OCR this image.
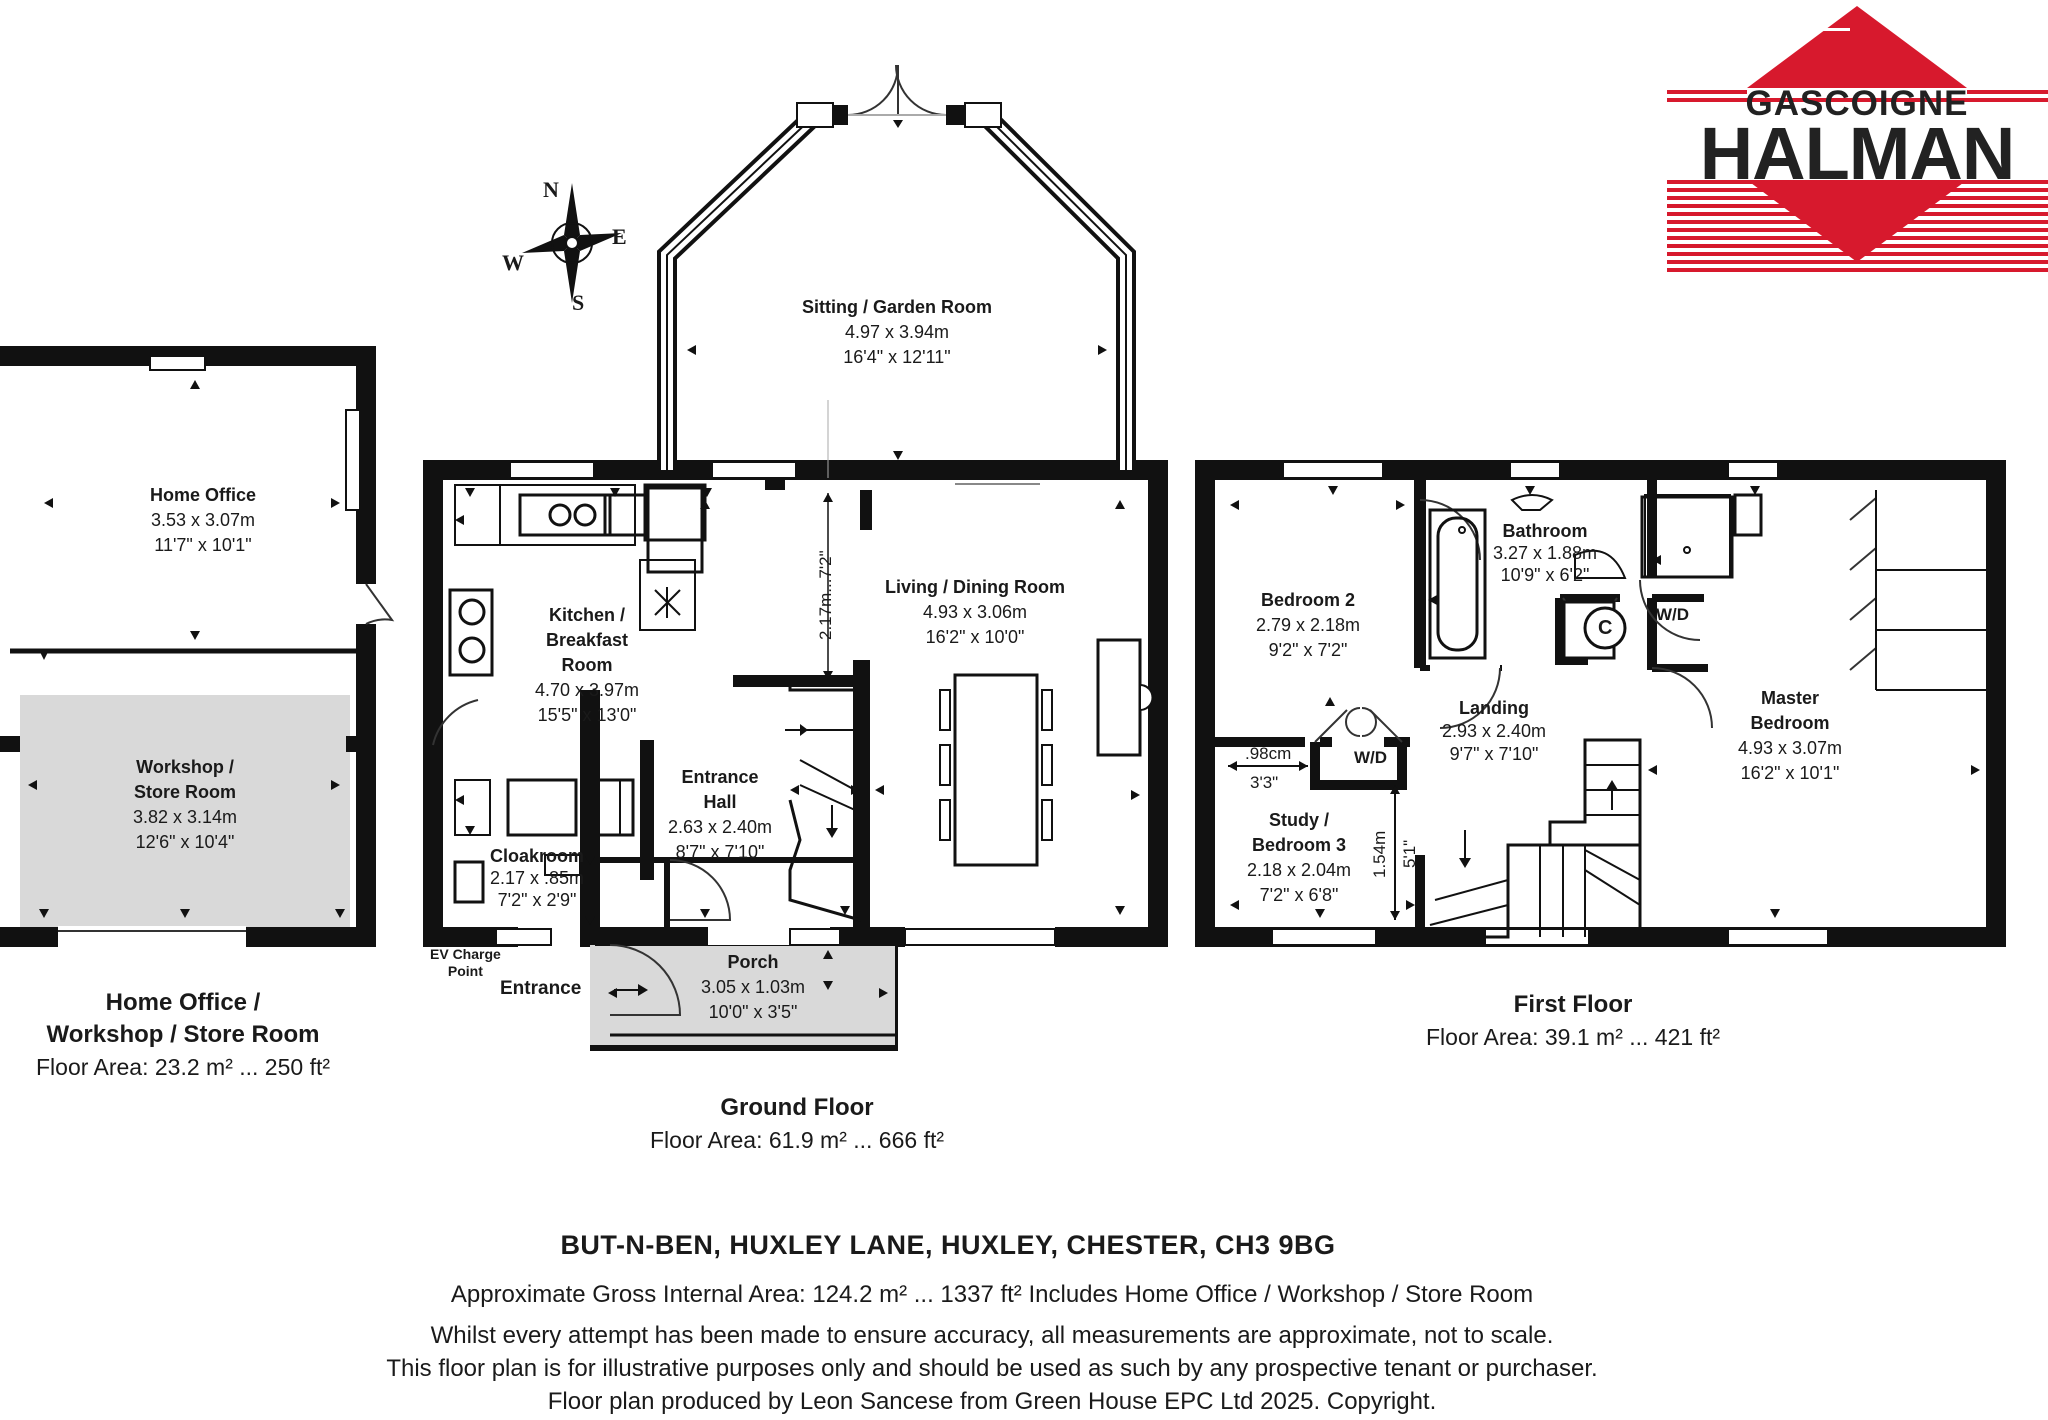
GASCOIGNE
HALMAN
N
E
S
W
Home Office
3.53 x 3.07m
11'7" x 10'1"
Workshop /
Store Room
3.82 x 3.14m
12'6" x 10'4"
Sitting / Garden Room
4.97 x 3.94m
16'4" x 12'11"
Kitchen /
Breakfast
Room
4.70 x 3.97m
15'5" x 13'0"
Living / Dining Room
4.93 x 3.06m
16'2" x 10'0"
Entrance
Hall
2.63 x 2.40m
8'7" x 7'10"
Cloakroom
2.17 x .85m
7'2" x 2'9"
Porch
3.05 x 1.03m
10'0" x 3'5"
EV Charge
Point
Entrance
2.17m...7'2"	Bedroom 2
2.79 x 2.18m
9'2" x 7'2"
Bathroom
3.27 x 1.88m
10'9" x 6'2"
Landing
2.93 x 2.40m
9'7" x 7'10"
Study /
Bedroom 3
2.18 x 2.04m
7'2" x 6'8"
Master
Bedroom
4.93 x 3.07m
16'2" x 10'1"
W/D
W/D
C
.98cm
3'3"
1.54m 5'1"
Home Office /
Workshop / Store Room
Floor Area: 23.2 m² ... 250 ft²
Ground Floor
Floor Area: 61.9 m² ... 666 ft²
First Floor
Floor Area: 39.1 m² ... 421 ft²
BUT-N-BEN, HUXLEY LANE, HUXLEY, CHESTER, CH3 9BG
Approximate Gross Internal Area: 124.2 m² ... 1337 ft² Includes Home Office / Workshop / Store Room
Whilst every attempt has been made to ensure accuracy, all measurements are approximate, not to scale.
This floor plan is for illustrative purposes only and should be used as such by any prospective tenant or purchaser.
Floor plan produced by Leon Sancese from Green House EPC Ltd 2025. Copyright.
